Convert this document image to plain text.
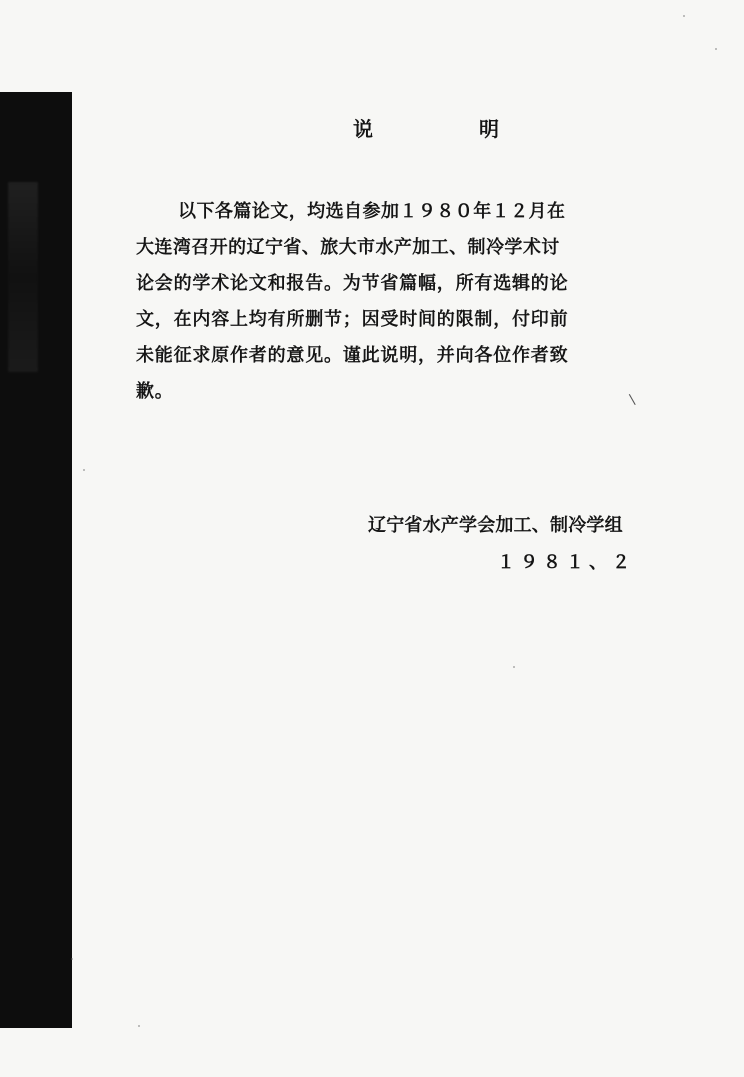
说	明
以下各篇论文，均选自参加１９８０年１２月在
大连湾召开的辽宁省、旅大市水产加工、制冷学术讨
论会的学术论文和报告。为节省篇幅，所有选辑的论
文，在内容上均有所删节；因受时间的限制，付印前
未能征求原作者的意见。谨此说明，并向各位作者致
歉。	\
辽宁省水产学会加工、制冷学组
１９８１、２
